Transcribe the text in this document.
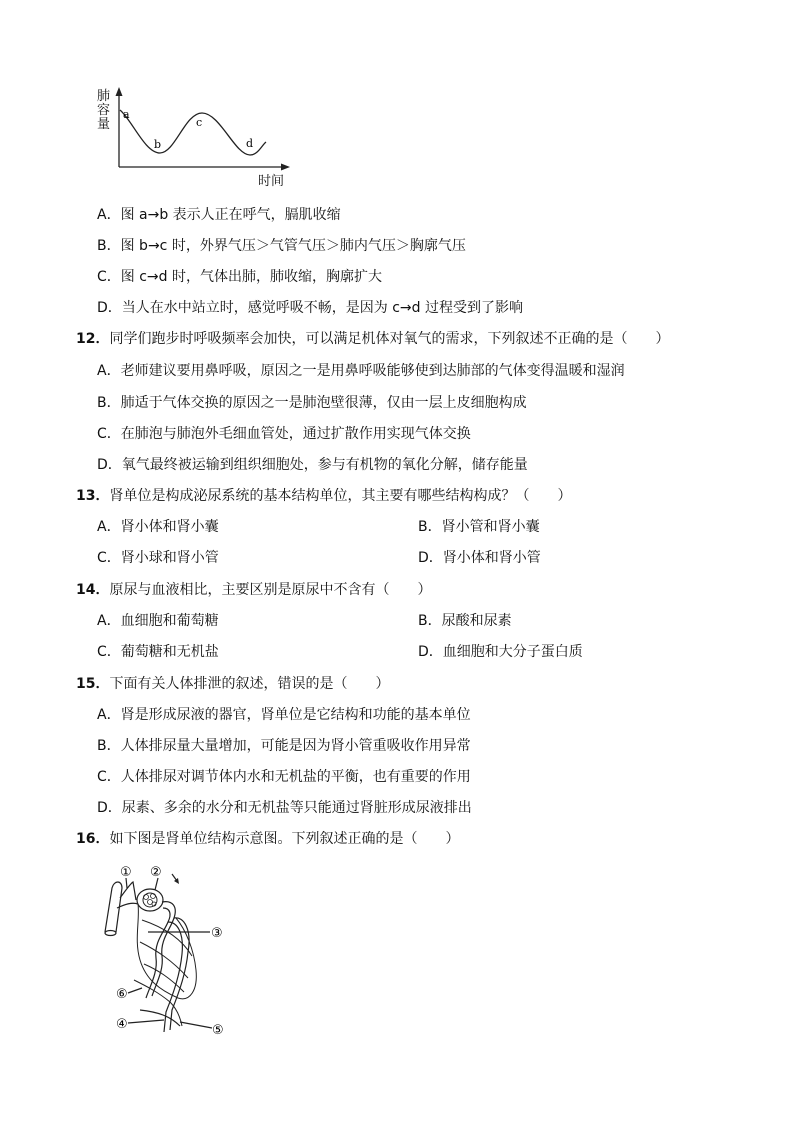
a
b
c
d
肺容量
时间
A．图 a→b 表示人正在呼气，膈肌收缩
B．图 b→c 时，外界气压＞气管气压＞肺内气压＞胸廓气压
C．图 c→d 时，气体出肺，肺收缩，胸廓扩大
D．当人在水中站立时，感觉呼吸不畅，是因为 c→d 过程受到了影响
12．同学们跑步时呼吸频率会加快，可以满足机体对氧气的需求，下列叙述不正确的是（　　）
A．老师建议要用鼻呼吸，原因之一是用鼻呼吸能够使到达肺部的气体变得温暖和湿润
B．肺适于气体交换的原因之一是肺泡壁很薄，仅由一层上皮细胞构成
C．在肺泡与肺泡外毛细血管处，通过扩散作用实现气体交换
D．氧气最终被运输到组织细胞处，参与有机物的氧化分解，储存能量
13．肾单位是构成泌尿系统的基本结构单位，其主要有哪些结构构成？（　　）
A．肾小体和肾小囊	B．肾小管和肾小囊
C．肾小球和肾小管	D．肾小体和肾小管
14．原尿与血液相比，主要区别是原尿中不含有（　　）
A．血细胞和葡萄糖	B．尿酸和尿素
C．葡萄糖和无机盐	D．血细胞和大分子蛋白质
15．下面有关人体排泄的叙述，错误的是（　　）
A．肾是形成尿液的器官，肾单位是它结构和功能的基本单位
B．人体排尿量大量增加，可能是因为肾小管重吸收作用异常
C．人体排尿对调节体内水和无机盐的平衡，也有重要的作用
D．尿素、多余的水分和无机盐等只能通过肾脏形成尿液排出
16．如下图是肾单位结构示意图。下列叙述正确的是（　　）
① ②
③
⑥
④	⑤
